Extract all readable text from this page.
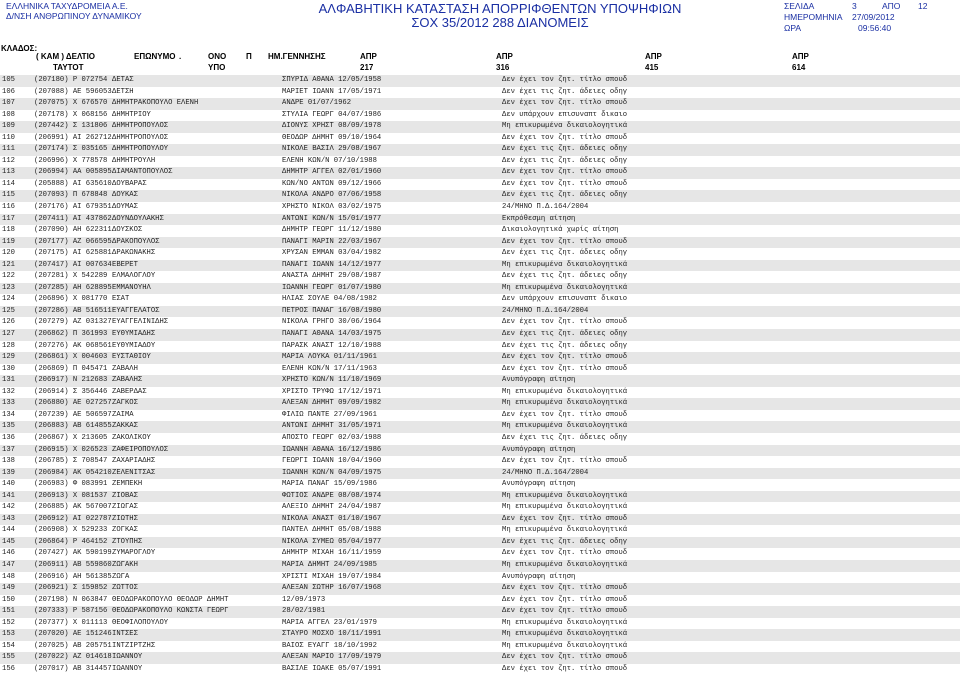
ΕΛΛΗΝΙΚΑ ΤΑΧΥΔΡΟΜΕΙΑ Α.Ε.
Δ/ΝΣΗ ΑΝΘΡΩΠΙΝΟΥ ΔΥΝΑΜΙΚΟΥ	ΑΛΦΑΒΗΤΙΚΗ ΚΑΤΑΣΤΑΣΗ ΑΠΟΡΡΙΦΘΕΝΤΩΝ ΥΠΟΨΗΦΙΩΝ
ΣΟΧ 35/2012 288 ΔΙΑΝΟΜΕΙΣ
ΣΕΛΙΔΑ	3	ΑΠΟ 12
ΗΜΕΡΟΜΗΝΙΑ 27/09/2012
ΩΡΑ	09:56:40
ΚΛΑΔΟΣ:
( ΚΑΜ ) ΔΕΛΤΙΟ
ΤΑΥΤΟΤ
ΕΠΩΝΥΜΟ .	ΟΝΟ
ΥΠΟ
Π ΗΜ.ΓΕΝΝΗΣΗΣ	ΑΠΡ
217
ΑΠΡ
316
ΑΠΡ
415
ΑΠΡ
614
105	(207180) Ρ 072754 ΔΕΤΑΣ	ΣΠΥΡΙΔ ΑΘΑΝΑ 12/05/1958	Δεν έχει τον ζητ. τίτλο σπουδ
106	(207088) ΑΕ 596053 ΔΕΤΣΗ	ΜΑΡΙΕΤ ΙΩΑΝΝ 17/05/1971	Δεν έχει τις ζητ. άδειες οδηγ
107	(207075) Χ 676570 ΔΗΜΗΤΡΑΚΟΠΟΥΛΟ ΕΛΕΝΗ	ΑΝΔΡΕ 01/07/1962	Δεν έχει τον ζητ. τίτλο σπουδ
108	(207178) Χ 068156 ΔΗΜΗΤΡΙΟΥ	ΣΤΥΛΙΑ ΓΕΩΡΓ 04/07/1986	Δεν υπάρχουν επισυναπτ δικαιο
109	(207442) Σ 131806 ΔΗΜΗΤΡΟΠΟΥΛΟΣ	ΔΙΟΝΥΣ ΧΡΗΣΤ 08/09/1978	Μη επικυρωμένα δικαιολογητικά
110	(206991) ΑΙ 262712 ΔΗΜΗΤΡΟΠΟΥΛΟΣ	ΘΕΟΔΩΡ ΔΗΜΗΤ 09/10/1964	Δεν έχει τον ζητ. τίτλο σπουδ
111	(207174) Σ 035165 ΔΗΜΗΤΡΟΠΟΥΛΟΥ	ΝΙΚΟΛΕ ΒΑΣΙΛ 29/08/1967	Δεν έχει τις ζητ. άδειες οδηγ
112	(206996) Χ 778578 ΔΗΜΗΤΡΟΥΛΗ	ΕΛΕΝΗ ΚΩΝ/Ν 07/10/1988	Δεν έχει τις ζητ. άδειες οδηγ
113	(206994) ΑΑ 005895 ΔΙΑΜΑΝΤΟΠΟΥΛΟΣ	ΔΗΜΗΤΡ ΑΓΓΕΛ 02/01/1960	Δεν έχει τον ζητ. τίτλο σπουδ
114	(205888) ΑΙ 635610 ΔΟΥΒΑΡΑΣ	ΚΩΝ/ΝΟ ΑΝΤΩΝ 09/12/1966	Δεν έχει τον ζητ. τίτλο σπουδ
115	(207093) Π 678848 ΔΟΥΚΑΣ	ΝΙΚΟΛΑ ΑΝΔΡΟ 07/06/1958	Δεν έχει τις ζητ. άδειες οδηγ
116	(207176) ΑΙ 679351 ΔΟΥΜΑΣ	ΧΡΗΣΤΟ ΝΙΚΟΛ 03/02/1975	24/ΜΗΝΟ Π.Δ.164/2004
117	(207411) ΑΙ 437862 ΔΟΥΝΔΟΥΛΑΚΗΣ	ΑΝΤΩΝΙ ΚΩΝ/Ν 15/01/1977	Εκπρόθεσμη αίτηση
118	(207090) ΑΗ 622311 ΔΟΥΣΚΟΣ	ΔΗΜΗΤΡ ΓΕΩΡΓ 11/12/1980	Δικαιολογητικά χωρίς αίτηση
119	(207177) ΑΖ 066595 ΔΡΑΚΟΠΟΥΛΟΣ	ΠΑΝΑΓΙ ΜΑΡΙΝ 22/03/1967	Δεν έχει τον ζητ. τίτλο σπουδ
120	(207175) ΑΙ 625881 ΔΡΑΚΩΝΑΚΗΣ	ΧΡΥΣΑΝ ΕΜΜΑΝ 03/04/1982	Δεν έχει τις ζητ. άδειες οδηγ
121	(207417) ΑΙ 007634 ΕΒΕΡΕΤ	ΠΑΝΑΓΙ ΙΩΑΝΝ 14/12/1977	Μη επικυρωμένα δικαιολογητικά
122	(207281) Χ 542289 ΕΛΜΑΛΟΓΛΟΥ	ΑΝΑΣΤΑ ΔΗΜΗΤ 29/08/1987	Δεν έχει τις ζητ. άδειες οδηγ
123	(207285) ΑΗ 628895 ΕΜΜΑΝΟΥΗΛ	ΙΩΑΝΝΗ ΓΕΩΡΓ 01/07/1980	Μη επικυρωμένα δικαιολογητικά
124	(206896) Χ 081770 ΕΣΑΤ	ΗΛΙΑΣ ΣΟΥΛΕ 04/08/1982	Δεν υπάρχουν επισυναπτ δικαιο
125	(207286) ΑΒ 516511 ΕΥΑΓΓΕΛΑΤΟΣ	ΠΕΤΡΟΣ ΠΑΝΑΓ 16/08/1980	24/ΜΗΝΟ Π.Δ.164/2004
126	(207279) ΑΖ 031327 ΕΥΑΓΓΕΛΙΝΙΔΗΣ	ΝΙΚΟΛΑ ΓΡΗΓΟ 30/06/1964	Δεν έχει τον ζητ. τίτλο σπουδ
127	(206862) Π 361993 ΕΥΘΥΜΙΑΔΗΣ	ΠΑΝΑΓΙ ΑΘΑΝΑ 14/03/1975	Δεν έχει τις ζητ. άδειες οδηγ
128	(207276) ΑΚ 068561 ΕΥΘΥΜΙΑΔΟΥ	ΠΑΡΑΣΚ ΑΝΑΣΤ 12/10/1988	Δεν έχει τις ζητ. άδειες οδηγ
129	(206861) Χ 004603 ΕΥΣΤΑΘΙΟΥ	ΜΑΡΙΑ ΛΟΥΚΑ 01/11/1961	Δεν έχει τον ζητ. τίτλο σπουδ
130	(206869) Π 045471 ΖΑΒΑΛΗ	ΕΛΕΝΗ ΚΩΝ/Ν 17/11/1963	Δεν έχει τον ζητ. τίτλο σπουδ
131	(206917) Ν 212683 ΖΑΒΑΛΗΣ	ΧΡΗΣΤΟ ΚΩΝ/Ν 11/10/1969	Ανυπόγραφη αίτηση
132	(206914) Σ 356446 ΖΑΒΕΡΔΑΣ	ΧΡΙΣΤΟ ΤΡΥΦΩ 17/12/1971	Μη επικυρωμένα δικαιολογητικά
133	(206880) ΑΕ 027257 ΖΑΓΚΟΣ	ΑΛΕΞΑΝ ΔΗΜΗΤ 09/09/1982	Μη επικυρωμένα δικαιολογητικά
134	(207239) ΑΕ 506597 ΖΑΙΜΑ	ΦΙΛΙΩ ΠΑΝΤΕ 27/09/1961	Δεν έχει τον ζητ. τίτλο σπουδ
135	(206883) ΑΒ 614855 ΖΑΚΚΑΣ	ΑΝΤΩΝΙ ΔΗΜΗΤ 31/05/1971	Μη επικυρωμένα δικαιολογητικά
136	(206867) Χ 213605 ΖΑΚΟΛΙΚΟΥ	ΑΠΟΣΤΟ ΓΕΩΡΓ 02/03/1988	Δεν έχει τις ζητ. άδειες οδηγ
137	(206915) Χ 026523 ΖΑΦΕΙΡΟΠΟΥΛΟΣ	ΙΩΑΝΝΗ ΑΘΑΝΑ 16/12/1986	Ανυπόγραφη αίτηση
138	(206785) Σ 708547 ΖΑΧΑΡΙΑΔΗΣ	ΓΕΩΡΓΙ ΙΩΑΝΝ 10/04/1960	Δεν έχει τον ζητ. τίτλο σπουδ
139	(206984) ΑΚ 054210 ΖΕΛΕΝΙΤΣΑΣ	ΙΩΑΝΝΗ ΚΩΝ/Ν 04/09/1975	24/ΜΗΝΟ Π.Δ.164/2004
140	(206983) Φ 083991 ΖΕΜΠΕΚΗ	ΜΑΡΙΑ ΠΑΝΑΓ 15/09/1986	Ανυπόγραφη αίτηση
141	(206913) Χ 081537 ΖΙΟΒΑΣ	ΦΩΤΙΟΣ ΑΝΔΡΕ 08/08/1974	Μη επικυρωμένα δικαιολογητικά
142	(206885) ΑΚ 567007 ΖΙΩΓΑΣ	ΑΛΕΞΙΟ ΔΗΜΗΤ 24/04/1987	Μη επικυρωμένα δικαιολογητικά
143	(206912) ΑΙ 022787 ΖΙΩΤΗΣ	ΝΙΚΟΛΑ ΑΝΑΣΤ 01/10/1967	Δεν έχει τον ζητ. τίτλο σπουδ
144	(206908) Χ 529233 ΖΟΓΚΑΣ	ΠΑΝΤΕΛ ΔΗΜΗΤ 05/08/1988	Μη επικυρωμένα δικαιολογητικά
145	(206864) Ρ 464152 ΖΤΟΥΠΗΣ	ΝΙΚΟΛΑ ΣΥΜΕΩ 05/04/1977	Δεν έχει τις ζητ. άδειες οδηγ
146	(207427) ΑΚ 590199 ΖΥΜΑΡΟΓΛΟΥ	ΔΗΜΗΤΡ ΜΙΧΑΗ 16/11/1959	Δεν έχει τον ζητ. τίτλο σπουδ
147	(206911) ΑΒ 559860 ΖΩΓΑΚΗ	ΜΑΡΙΑ ΔΗΜΗΤ 24/09/1985	Μη επικυρωμένα δικαιολογητικά
148	(206916) ΑΗ 561385 ΖΩΓΑ	ΧΡΙΣΤΙ ΜΙΧΑΗ 19/07/1984	Ανυπόγραφη αίτηση
149	(206921) Σ 159852 ΖΩΤΤΟΣ	ΑΛΕΞΑΝ ΣΩΤΗΡ 16/07/1968	Δεν έχει τον ζητ. τίτλο σπουδ
150	(207198) Ν 063847 ΘΕΟΔΩΡΑΚΟΠΟΥΛΟ ΘΕΟΔΩΡ ΔΗΜΗΤ	12/09/1973	Δεν έχει τον ζητ. τίτλο σπουδ
151	(207333) Ρ 587156 ΘΕΟΔΩΡΑΚΟΠΟΥΛΟ ΚΩΝΣΤΑ ΓΕΩΡΓ	28/02/1981	Δεν έχει τον ζητ. τίτλο σπουδ
152	(207377) Χ 011113 ΘΕΟΦΙΛΟΠΟΥΛΟΥ	ΜΑΡΙΑ ΑΓΓΕΛ 23/01/1979	Μη επικυρωμένα δικαιολογητικά
153	(207020) ΑΕ 151246 ΙΝΤΣΕΣ	ΣΤΑΥΡΟ ΜΟΣΧΟ 10/11/1991	Μη επικυρωμένα δικαιολογητικά
154	(207025) ΑΒ 205751 ΙΝΤΖΙΡΤΖΗΣ	ΒΑΙΟΣ ΕΥΑΓΓ 18/10/1992	Μη επικυρωμένα δικαιολογητικά
155	(207022) ΑΖ 014618 ΙΩΑΝΝΟΥ	ΑΛΕΞΑΝ ΜΑΡΙΟ 17/09/1979	Δεν έχει τον ζητ. τίτλο σπουδ
156	(207017) ΑΒ 314457 ΙΩΑΝΝΟΥ	ΒΑΣΙΛΕ ΙΩΑΚΕ 05/07/1991	Δεν έχει τον ζητ. τίτλο σπουδ
